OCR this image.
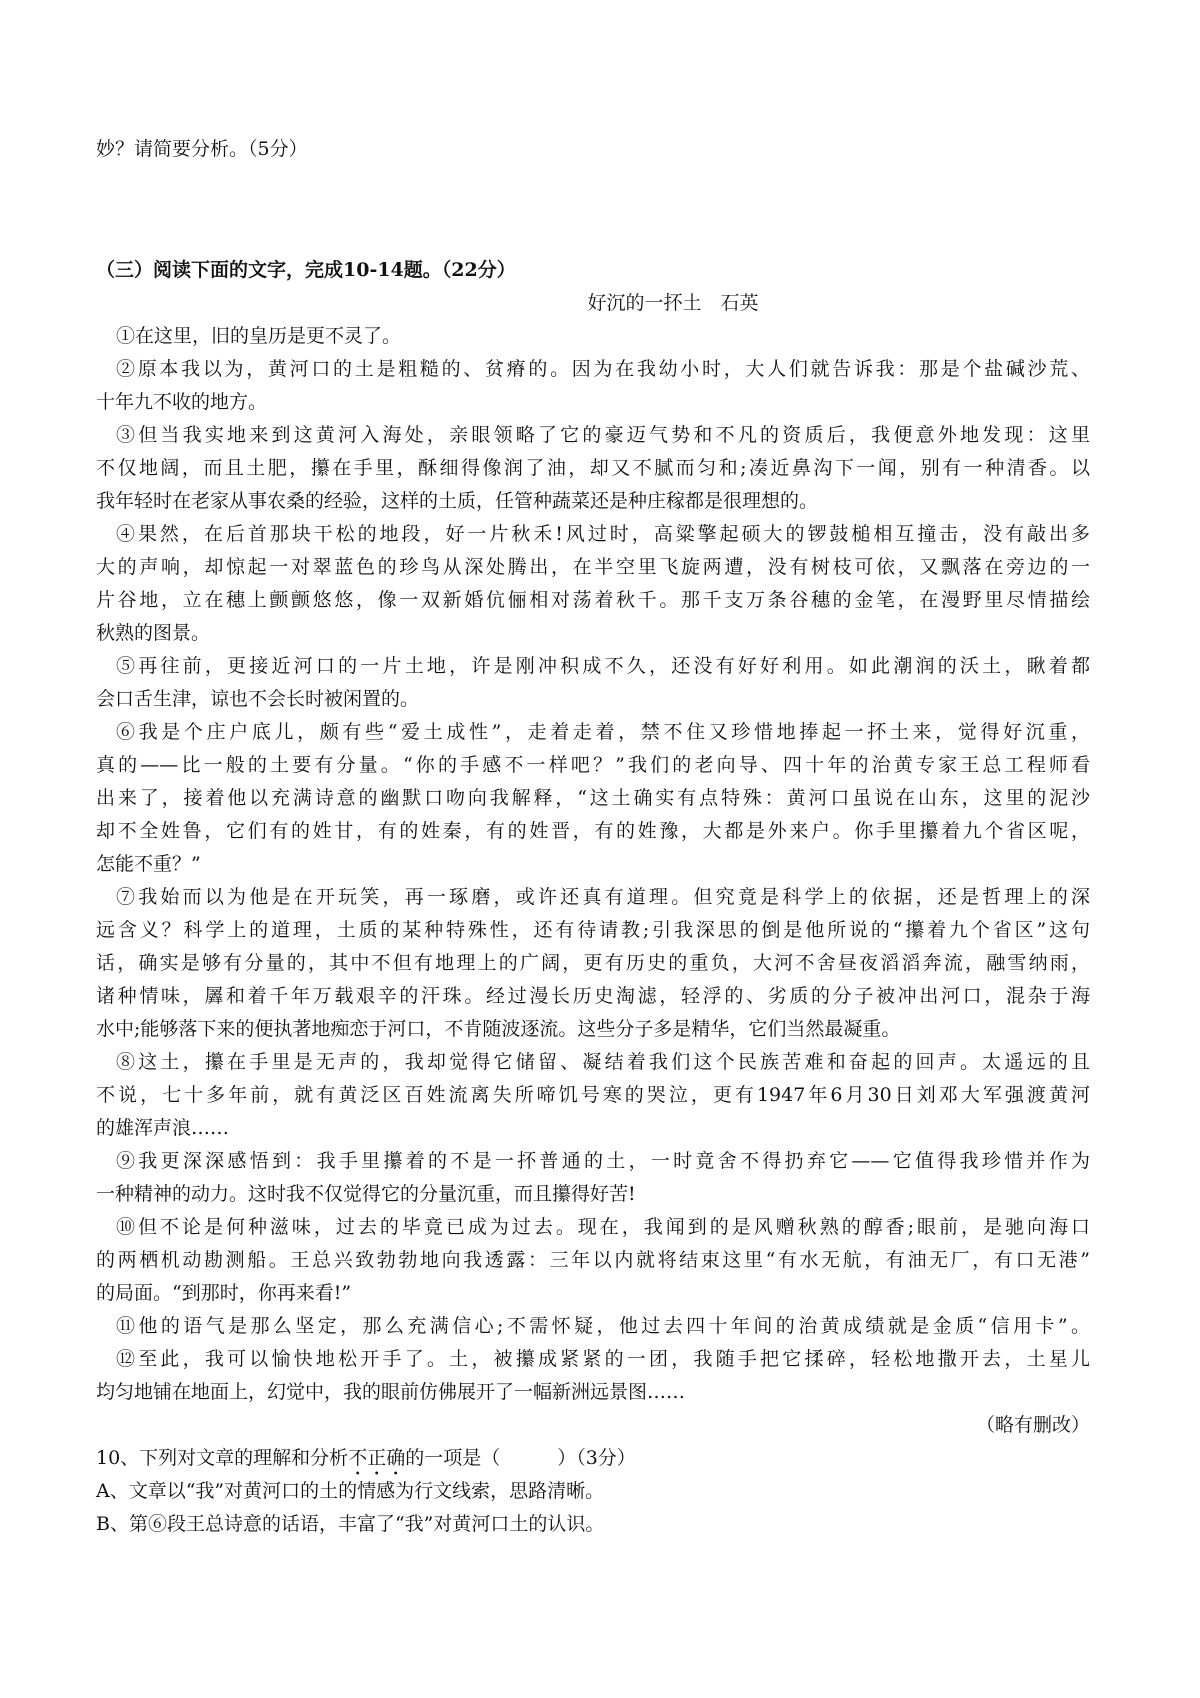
妙？请简要分析。（5分）
（三）阅读下面的文字，完成10-14题。（22分）
好沉的一抔土　石英
①在这里，旧的皇历是更不灵了。
②原本我以为，黄河口的土是粗糙的、贫瘠的。因为在我幼小时，大人们就告诉我：那是个盐碱沙荒、
十年九不收的地方。
③但当我实地来到这黄河入海处，亲眼领略了它的豪迈气势和不凡的资质后，我便意外地发现：这里
不仅地阔，而且土肥，攥在手里，酥细得像润了油，却又不腻而匀和;凑近鼻沟下一闻，别有一种清香。以
我年轻时在老家从事农桑的经验，这样的土质，任管种蔬菜还是种庄稼都是很理想的。
④果然，在后首那块干松的地段，好一片秋禾!风过时，高粱擎起硕大的锣鼓槌相互撞击，没有敲出多
大的声响，却惊起一对翠蓝色的珍鸟从深处腾出，在半空里飞旋两遭，没有树枝可依，又飘落在旁边的一
片谷地，立在穗上颤颤悠悠，像一双新婚伉俪相对荡着秋千。那千支万条谷穗的金笔，在漫野里尽情描绘
秋熟的图景。
⑤再往前，更接近河口的一片土地，许是刚冲积成不久，还没有好好利用。如此潮润的沃土，瞅着都
会口舌生津，谅也不会长时被闲置的。
⑥我是个庄户底儿，颇有些“爱土成性”，走着走着，禁不住又珍惜地捧起一抔土来，觉得好沉重，
真的——比一般的土要有分量。“你的手感不一样吧？”我们的老向导、四十年的治黄专家王总工程师看
出来了，接着他以充满诗意的幽默口吻向我解释，“这土确实有点特殊：黄河口虽说在山东，这里的泥沙
却不全姓鲁，它们有的姓甘，有的姓秦，有的姓晋，有的姓豫，大都是外来户。你手里攥着九个省区呢，
怎能不重？”
⑦我始而以为他是在开玩笑，再一琢磨，或许还真有道理。但究竟是科学上的依据，还是哲理上的深
远含义？科学上的道理，土质的某种特殊性，还有待请教;引我深思的倒是他所说的“攥着九个省区”这句
话，确实是够有分量的，其中不但有地理上的广阔，更有历史的重负，大河不舍昼夜滔滔奔流，融雪纳雨，
诸种情味，羼和着千年万载艰辛的汗珠。经过漫长历史淘滤，轻浮的、劣质的分子被冲出河口，混杂于海
水中;能够落下来的便执著地痴恋于河口，不肯随波逐流。这些分子多是精华，它们当然最凝重。
⑧这土，攥在手里是无声的，我却觉得它储留、凝结着我们这个民族苦难和奋起的回声。太遥远的且
不说，七十多年前，就有黄泛区百姓流离失所啼饥号寒的哭泣，更有1947年6月30日刘邓大军强渡黄河
的雄浑声浪……
⑨我更深深感悟到：我手里攥着的不是一抔普通的土，一时竟舍不得扔弃它——它值得我珍惜并作为
一种精神的动力。这时我不仅觉得它的分量沉重，而且攥得好苦!
⑩但不论是何种滋味，过去的毕竟已成为过去。现在，我闻到的是风赠秋熟的醇香;眼前，是驰向海口
的两栖机动勘测船。王总兴致勃勃地向我透露：三年以内就将结束这里“有水无航，有油无厂，有口无港”
的局面。“到那时，你再来看!”
⑪他的语气是那么坚定，那么充满信心;不需怀疑，他过去四十年间的治黄成绩就是金质“信用卡”。
⑫至此，我可以愉快地松开手了。土，被攥成紧紧的一团，我随手把它揉碎，轻松地撒开去，土星儿
均匀地铺在地面上，幻觉中，我的眼前仿佛展开了一幅新洲远景图……
（略有删改）
10、下列对文章的理解和分析不正确的一项是（　　　）（3分）
A、文章以“我”对黄河口的土的情感为行文线索，思路清晰。
B、第⑥段王总诗意的话语，丰富了“我”对黄河口土的认识。
